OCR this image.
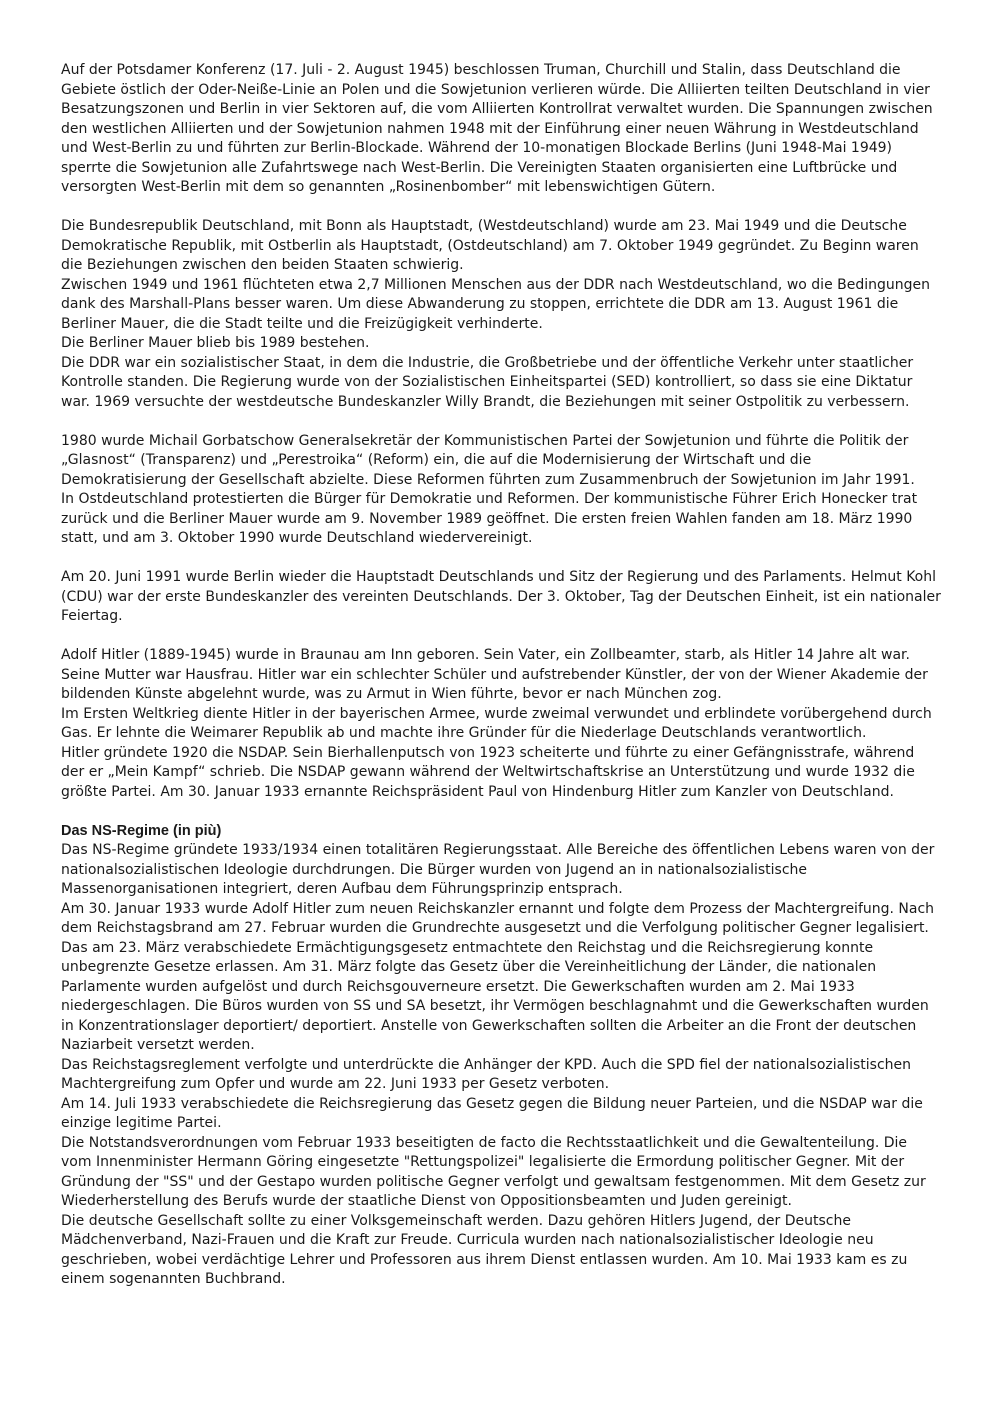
Auf der Potsdamer Konferenz (17. Juli - 2. August 1945) beschlossen Truman, Churchill und Stalin, dass Deutschland die Gebiete östlich der Oder-Neiße-Linie an Polen und die Sowjetunion verlieren würde. Die Alliierten teilten Deutschland in vier Besatzungszonen und Berlin in vier Sektoren auf, die vom Alliierten Kontrollrat verwaltet wurden. Die Spannungen zwischen den westlichen Alliierten und der Sowjetunion nahmen 1948 mit der Einführung einer neuen Währung in Westdeutschland und West-Berlin zu und führten zur Berlin-Blockade. Während der 10-monatigen Blockade Berlins (Juni 1948-Mai 1949) sperrte die Sowjetunion alle Zufahrtswege nach West-Berlin. Die Vereinigten Staaten organisierten eine Luftbrücke und versorgten West-Berlin mit dem so genannten „Rosinenbomber“ mit lebenswichtigen Gütern.
Die Bundesrepublik Deutschland, mit Bonn als Hauptstadt, (Westdeutschland) wurde am 23. Mai 1949 und die Deutsche Demokratische Republik, mit Ostberlin als Hauptstadt, (Ostdeutschland) am 7. Oktober 1949 gegründet. Zu Beginn waren die Beziehungen zwischen den beiden Staaten schwierig.
Zwischen 1949 und 1961 flüchteten etwa 2,7 Millionen Menschen aus der DDR nach Westdeutschland, wo die Bedingungen dank des Marshall-Plans besser waren. Um diese Abwanderung zu stoppen, errichtete die DDR am 13. August 1961 die Berliner Mauer, die die Stadt teilte und die Freizügigkeit verhinderte.
Die Berliner Mauer blieb bis 1989 bestehen.
Die DDR war ein sozialistischer Staat, in dem die Industrie, die Großbetriebe und der öffentliche Verkehr unter staatlicher Kontrolle standen. Die Regierung wurde von der Sozialistischen Einheitspartei (SED) kontrolliert, so dass sie eine Diktatur war. 1969 versuchte der westdeutsche Bundeskanzler Willy Brandt, die Beziehungen mit seiner Ostpolitik zu verbessern.
1980 wurde Michail Gorbatschow Generalsekretär der Kommunistischen Partei der Sowjetunion und führte die Politik der „Glasnost“ (Transparenz) und „Perestroika“ (Reform) ein, die auf die Modernisierung der Wirtschaft und die Demokratisierung der Gesellschaft abzielte. Diese Reformen führten zum Zusammenbruch der Sowjetunion im Jahr 1991.
In Ostdeutschland protestierten die Bürger für Demokratie und Reformen. Der kommunistische Führer Erich Honecker trat zurück und die Berliner Mauer wurde am 9. November 1989 geöffnet. Die ersten freien Wahlen fanden am 18. März 1990 statt, und am 3. Oktober 1990 wurde Deutschland wiedervereinigt.
Am 20. Juni 1991 wurde Berlin wieder die Hauptstadt Deutschlands und Sitz der Regierung und des Parlaments. Helmut Kohl (CDU) war der erste Bundeskanzler des vereinten Deutschlands. Der 3. Oktober, Tag der Deutschen Einheit, ist ein nationaler Feiertag.
Adolf Hitler (1889-1945) wurde in Braunau am Inn geboren. Sein Vater, ein Zollbeamter, starb, als Hitler 14 Jahre alt war. Seine Mutter war Hausfrau. Hitler war ein schlechter Schüler und aufstrebender Künstler, der von der Wiener Akademie der bildenden Künste abgelehnt wurde, was zu Armut in Wien führte, bevor er nach München zog.
Im Ersten Weltkrieg diente Hitler in der bayerischen Armee, wurde zweimal verwundet und erblindete vorübergehend durch Gas. Er lehnte die Weimarer Republik ab und machte ihre Gründer für die Niederlage Deutschlands verantwortlich.
Hitler gründete 1920 die NSDAP. Sein Bierhallenputsch von 1923 scheiterte und führte zu einer Gefängnisstrafe, während der er „Mein Kampf“ schrieb. Die NSDAP gewann während der Weltwirtschaftskrise an Unterstützung und wurde 1932 die größte Partei. Am 30. Januar 1933 ernannte Reichspräsident Paul von Hindenburg Hitler zum Kanzler von Deutschland.
Das NS-Regime (in più)
Das NS-Regime gründete 1933/1934 einen totalitären Regierungsstaat. Alle Bereiche des öffentlichen Lebens waren von der nationalsozialistischen Ideologie durchdrungen. Die Bürger wurden von Jugend an in nationalsozialistische Massenorganisationen integriert, deren Aufbau dem Führungsprinzip entsprach.
Am 30. Januar 1933 wurde Adolf Hitler zum neuen Reichskanzler ernannt und folgte dem Prozess der Machtergreifung. Nach dem Reichstagsbrand am 27. Februar wurden die Grundrechte ausgesetzt und die Verfolgung politischer Gegner legalisiert. Das am 23. März verabschiedete Ermächtigungsgesetz entmachtete den Reichstag und die Reichsregierung konnte unbegrenzte Gesetze erlassen. Am 31. März folgte das Gesetz über die Vereinheitlichung der Länder, die nationalen Parlamente wurden aufgelöst und durch Reichsgouverneure ersetzt. Die Gewerkschaften wurden am 2. Mai 1933 niedergeschlagen. Die Büros wurden von SS und SA besetzt, ihr Vermögen beschlagnahmt und die Gewerkschaften wurden in Konzentrationslager deportiert/ deportiert. Anstelle von Gewerkschaften sollten die Arbeiter an die Front der deutschen Naziarbeit versetzt werden.
Das Reichstagsreglement verfolgte und unterdrückte die Anhänger der KPD. Auch die SPD fiel der nationalsozialistischen Machtergreifung zum Opfer und wurde am 22. Juni 1933 per Gesetz verboten.
Am 14. Juli 1933 verabschiedete die Reichsregierung das Gesetz gegen die Bildung neuer Parteien, und die NSDAP war die einzige legitime Partei.
Die Notstandsverordnungen vom Februar 1933 beseitigten de facto die Rechtsstaatlichkeit und die Gewaltenteilung. Die vom Innenminister Hermann Göring eingesetzte "Rettungspolizei" legalisierte die Ermordung politischer Gegner. Mit der Gründung der "SS" und der Gestapo wurden politische Gegner verfolgt und gewaltsam festgenommen. Mit dem Gesetz zur Wiederherstellung des Berufs wurde der staatliche Dienst von Oppositionsbeamten und Juden gereinigt.
Die deutsche Gesellschaft sollte zu einer Volksgemeinschaft werden. Dazu gehören Hitlers Jugend, der Deutsche Mädchenverband, Nazi-Frauen und die Kraft zur Freude. Curricula wurden nach nationalsozialistischer Ideologie neu geschrieben, wobei verdächtige Lehrer und Professoren aus ihrem Dienst entlassen wurden. Am 10. Mai 1933 kam es zu einem sogenannten Buchbrand.
